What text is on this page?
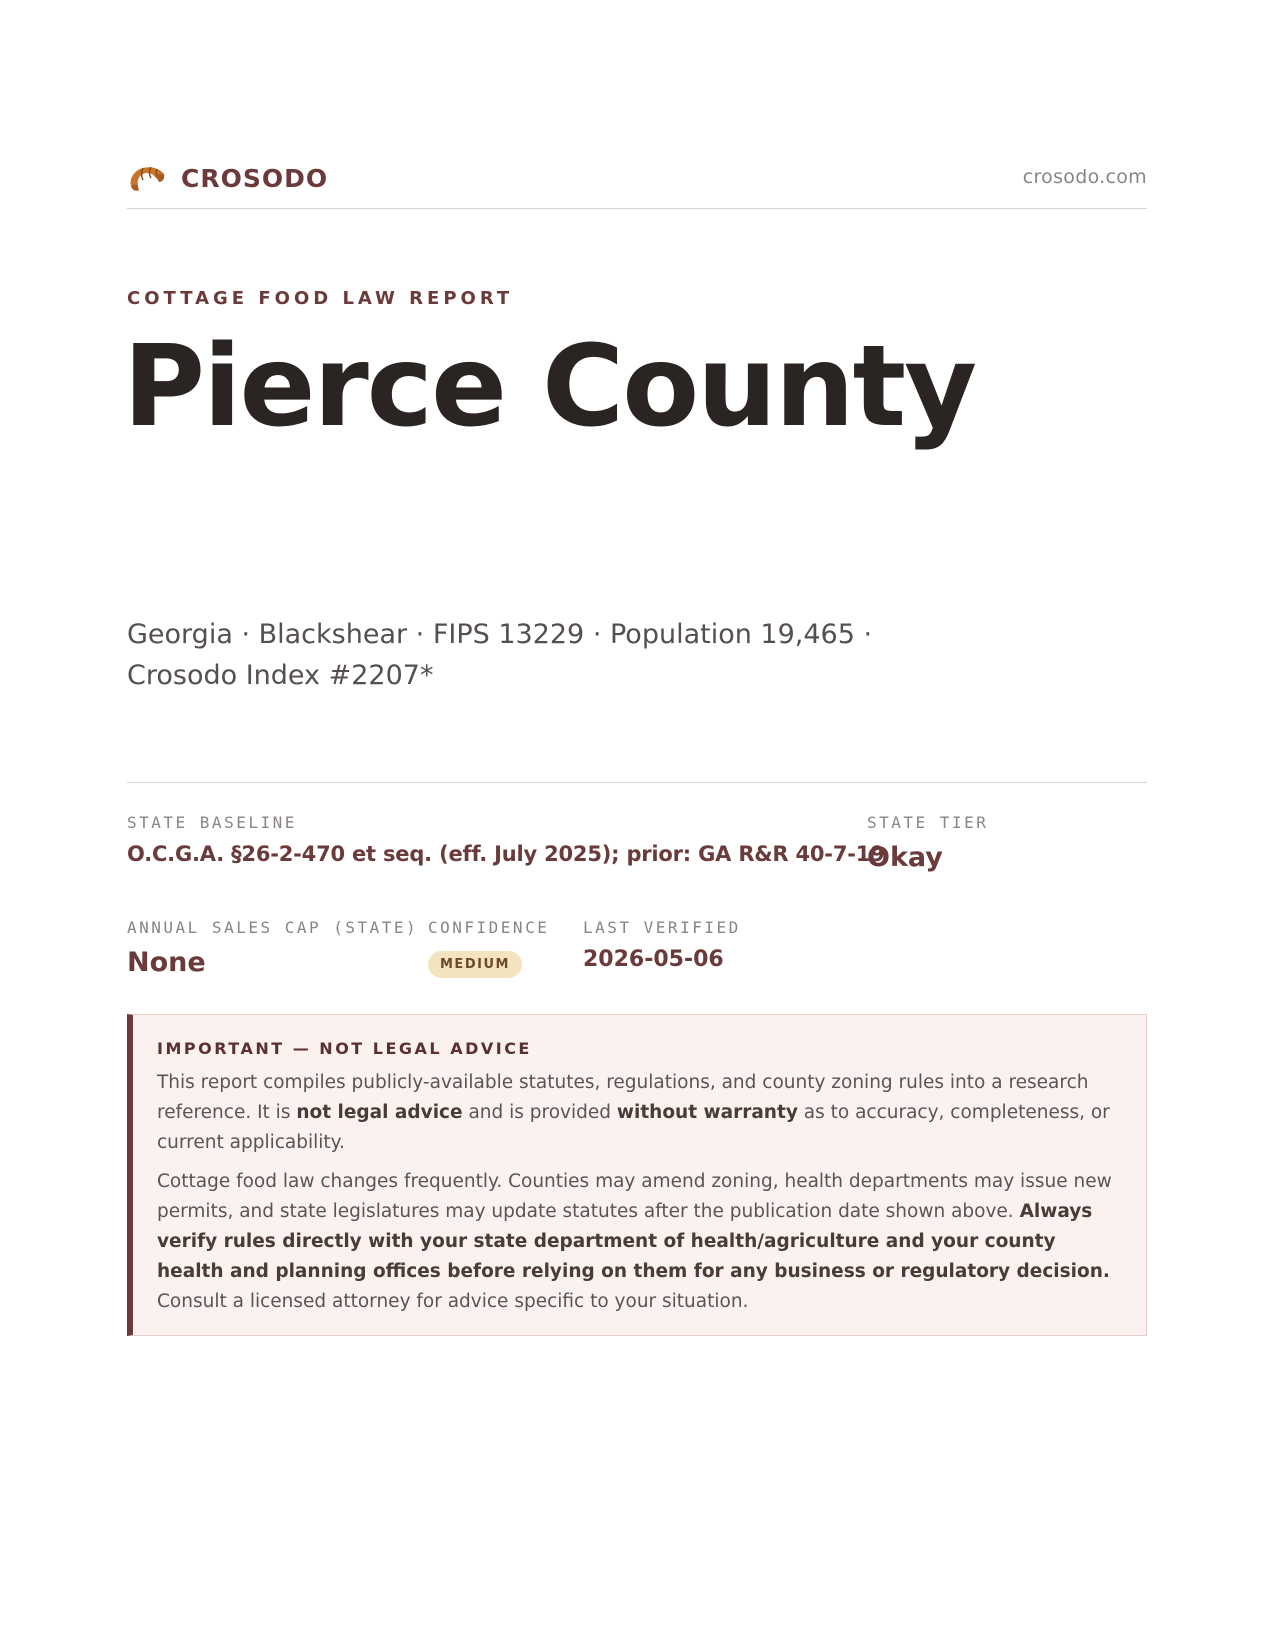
CROSODO	crosodo.com
COTTAGE FOOD LAW REPORT
Pierce County

Georgia · Blackshear · FIPS 13229 · Population 19,465 · Crosodo Index #2207*

STATE BASELINE
O.C.G.A. §26-2-470 et seq. (eff. July 2025); prior: GA R&R 40-7-19
STATE TIER
Okay
ANNUAL SALES CAP (STATE)
None
CONFIDENCE
MEDIUM
LAST VERIFIED
2026-05-06
IMPORTANT — NOT LEGAL ADVICE

This report compiles publicly-available statutes, regulations, and county zoning rules into a research reference. It is not legal advice and is provided without warranty as to accuracy, completeness, or current applicability.

Cottage food law changes frequently. Counties may amend zoning, health departments may issue new permits, and state legislatures may update statutes after the publication date shown above. Always verify rules directly with your state department of health/agriculture and your county health and planning offices before relying on them for any business or regulatory decision. Consult a licensed attorney for advice specific to your situation.
